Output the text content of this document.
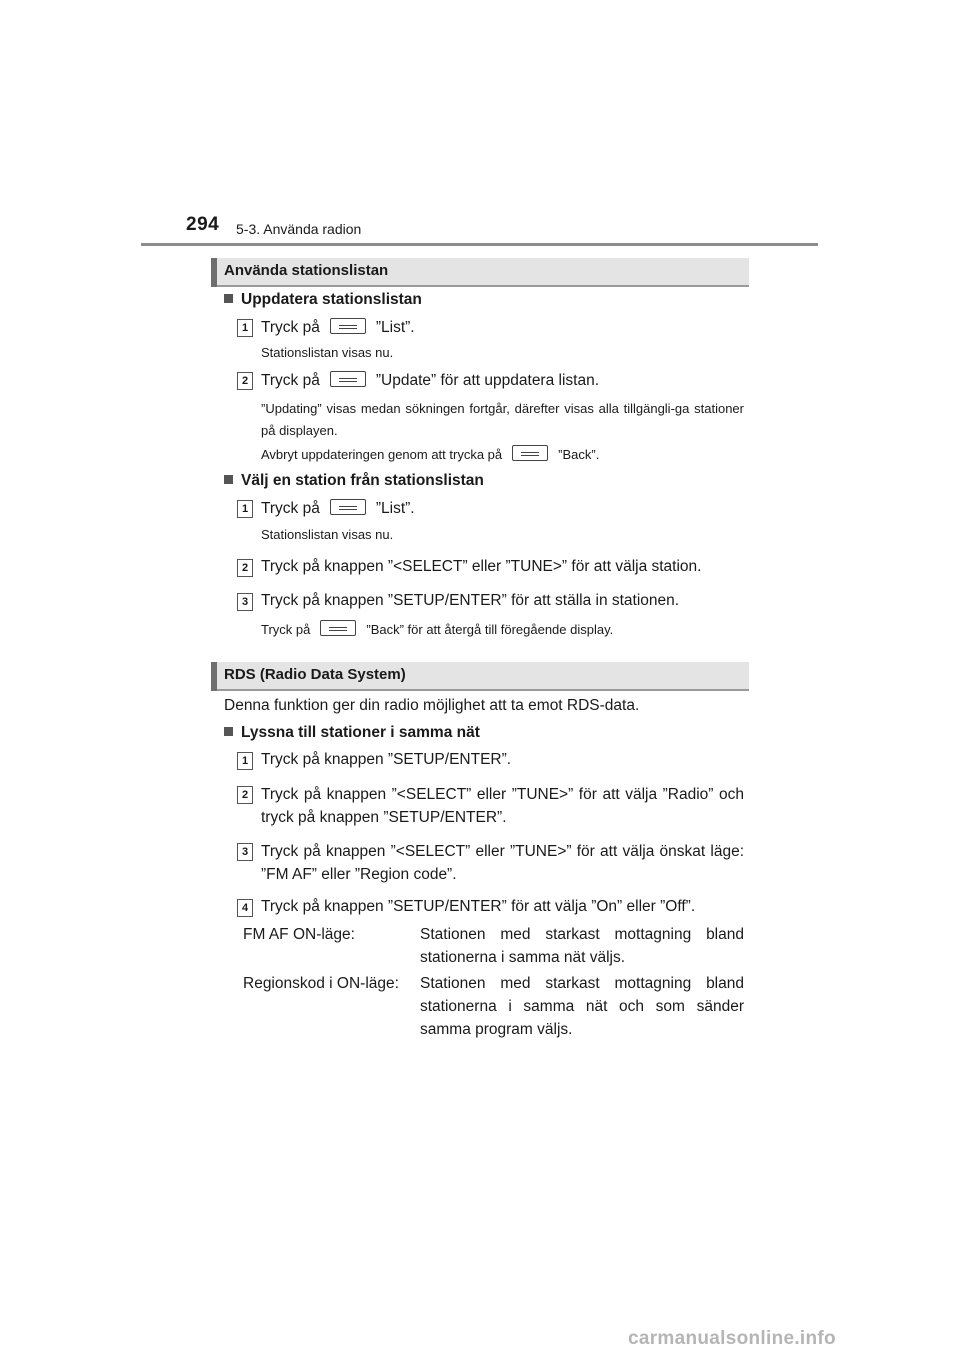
294 5-3. Använda radion
Använda stationslistan
Uppdatera stationslistan
1 Tryck på	”List”.
Stationslistan visas nu.
2 Tryck på	”Update” för att uppdatera listan.
”Updating” visas medan sökningen fortgår, därefter visas alla tillgängli-ga stationer på displayen.
Avbryt uppdateringen genom att trycka på	”Back”.
Välj en station från stationslistan
1 Tryck på	”List”.
Stationslistan visas nu.
2 Tryck på knappen ”<SELECT” eller ”TUNE>” för att välja station.
3 Tryck på knappen ”SETUP/ENTER” för att ställa in stationen.
Tryck på	”Back” för att återgå till föregående display.
RDS (Radio Data System)
Denna funktion ger din radio möjlighet att ta emot RDS-data.
Lyssna till stationer i samma nät
1 Tryck på knappen ”SETUP/ENTER”.
2 Tryck på knappen ”<SELECT” eller ”TUNE>” för att välja ”Radio” och tryck på knappen ”SETUP/ENTER”.
3 Tryck på knappen ”<SELECT” eller ”TUNE>” för att välja önskat läge: ”FM AF” eller ”Region code”.
4 Tryck på knappen ”SETUP/ENTER” för att välja ”On” eller ”Off”.
FM AF ON-läge:	Stationen med starkast mottagning bland stationerna i samma nät väljs.
Regionskod i ON-läge: Stationen med starkast mottagning bland stationerna i samma nät och som sänder samma program väljs.
carmanualsonline.info
